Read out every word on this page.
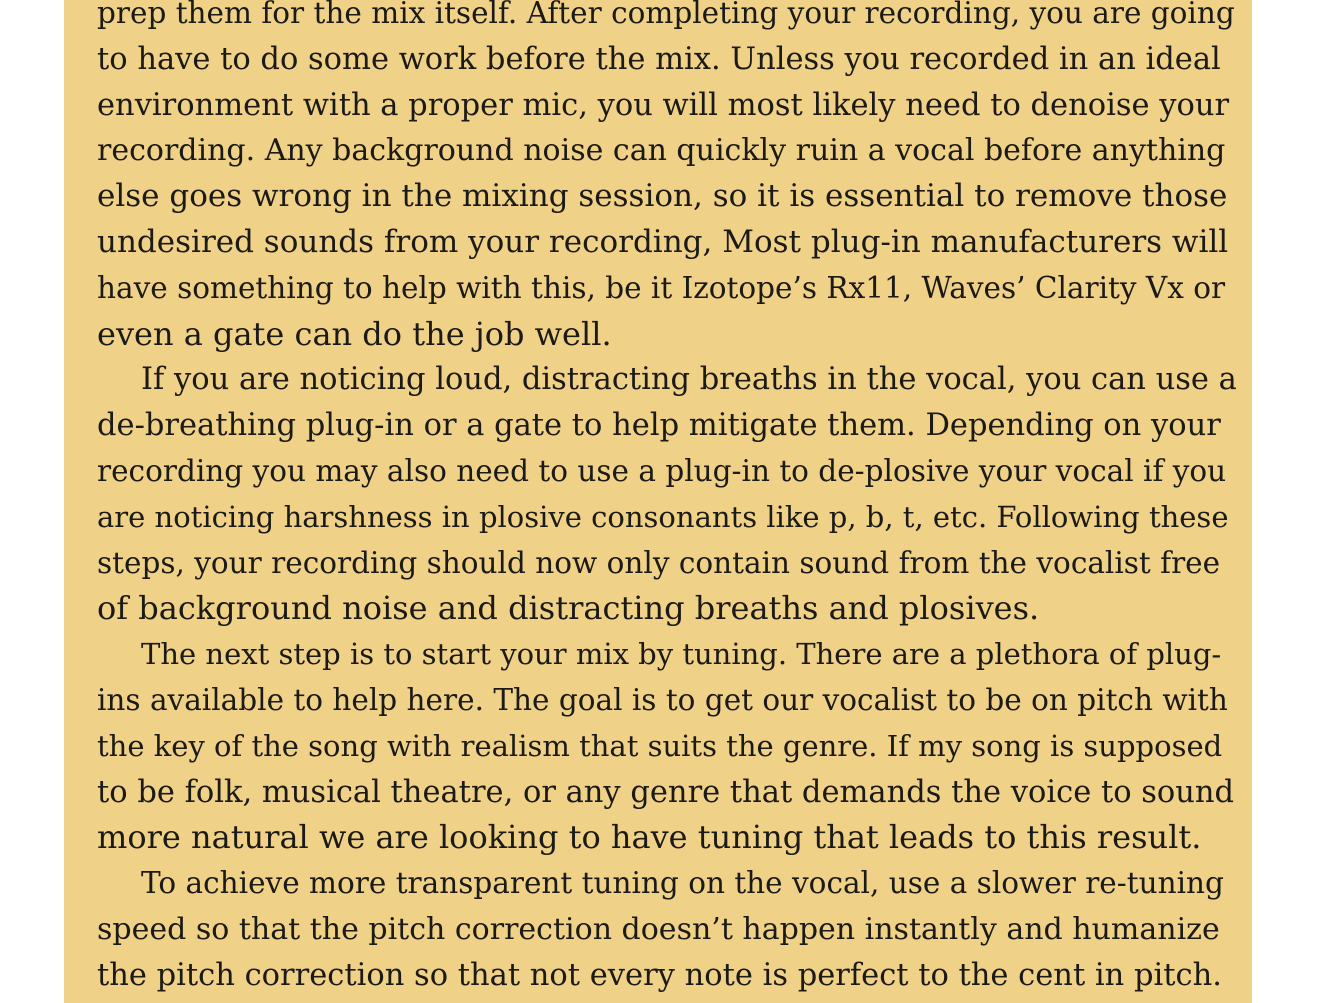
prep them for the mix itself. After completing your recording, you are going
to have to do some work before the mix. Unless you recorded in an ideal
environment with a proper mic, you will most likely need to denoise your
recording. Any background noise can quickly ruin a vocal before anything
else goes wrong in the mixing session, so it is essential to remove those
undesired sounds from your recording, Most plug-in manufacturers will
have something to help with this, be it Izotope’s Rx11, Waves’ Clarity Vx or
even a gate can do the job well.
If you are noticing loud, distracting breaths in the vocal, you can use a
de-breathing plug-in or a gate to help mitigate them. Depending on your
recording you may also need to use a plug-in to de-plosive your vocal if you
are noticing harshness in plosive consonants like p, b, t, etc. Following these
steps, your recording should now only contain sound from the vocalist free
of background noise and distracting breaths and plosives.
The next step is to start your mix by tuning. There are a plethora of plug-
ins available to help here. The goal is to get our vocalist to be on pitch with
the key of the song with realism that suits the genre. If my song is supposed
to be folk, musical theatre, or any genre that demands the voice to sound
more natural we are looking to have tuning that leads to this result.
To achieve more transparent tuning on the vocal, use a slower re-tuning
speed so that the pitch correction doesn’t happen instantly and humanize
the pitch correction so that not every note is perfect to the cent in pitch.
